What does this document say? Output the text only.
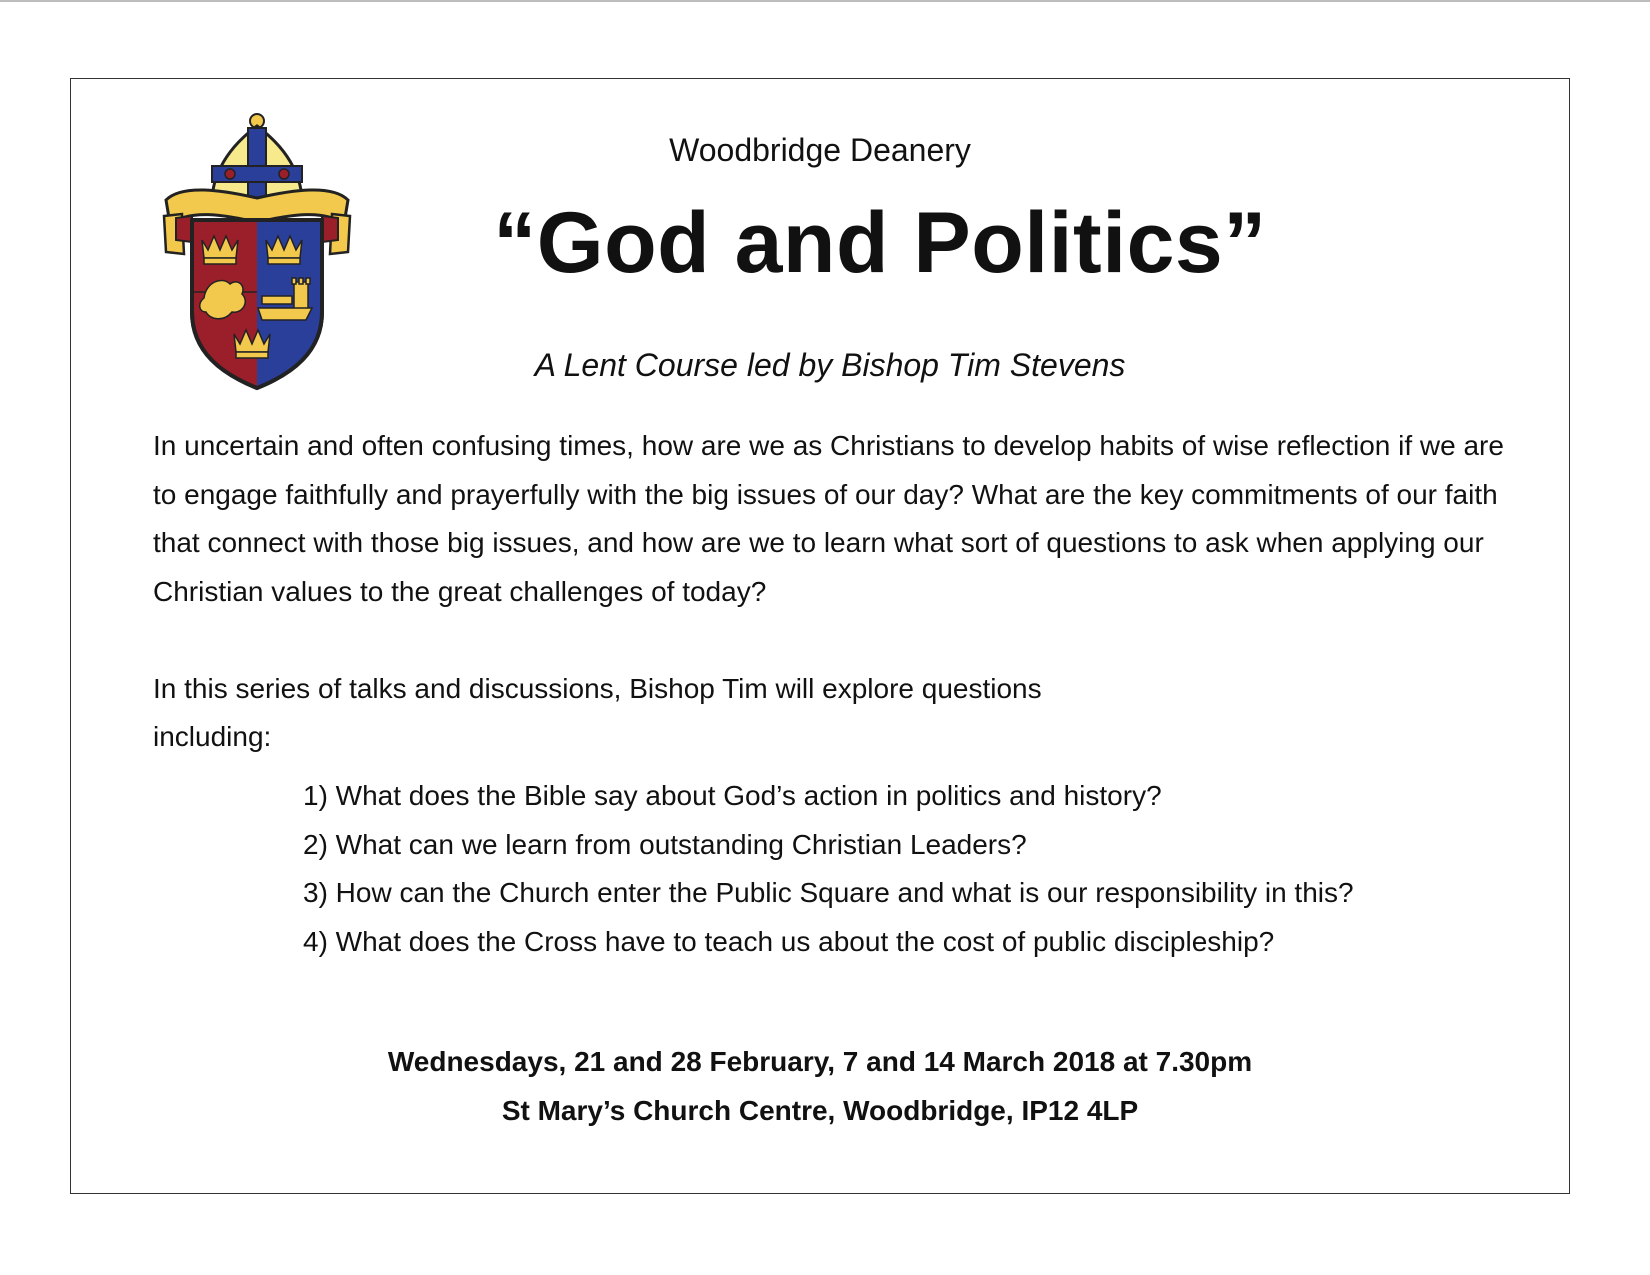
Woodbridge Deanery
“God and Politics”
A Lent Course led by Bishop Tim Stevens

In uncertain and often confusing times, how are we as Christians to develop habits of wise reflection if we are to engage faithfully and prayerfully with the big issues of our day? What are the key commitments of our faith that connect with those big issues, and how are we to learn what sort of questions to ask when applying our Christian values to the great challenges of today?

In this series of talks and discussions, Bishop Tim will explore questions including:

1) What does the Bible say about God’s action in politics and history?
2) What can we learn from outstanding Christian Leaders?
3) How can the Church enter the Public Square and what is our responsibility in this?
4) What does the Cross have to teach us about the cost of public discipleship?
Wednesdays, 21 and 28 February, 7 and 14 March 2018 at 7.30pm
St Mary’s Church Centre, Woodbridge, IP12 4LP
